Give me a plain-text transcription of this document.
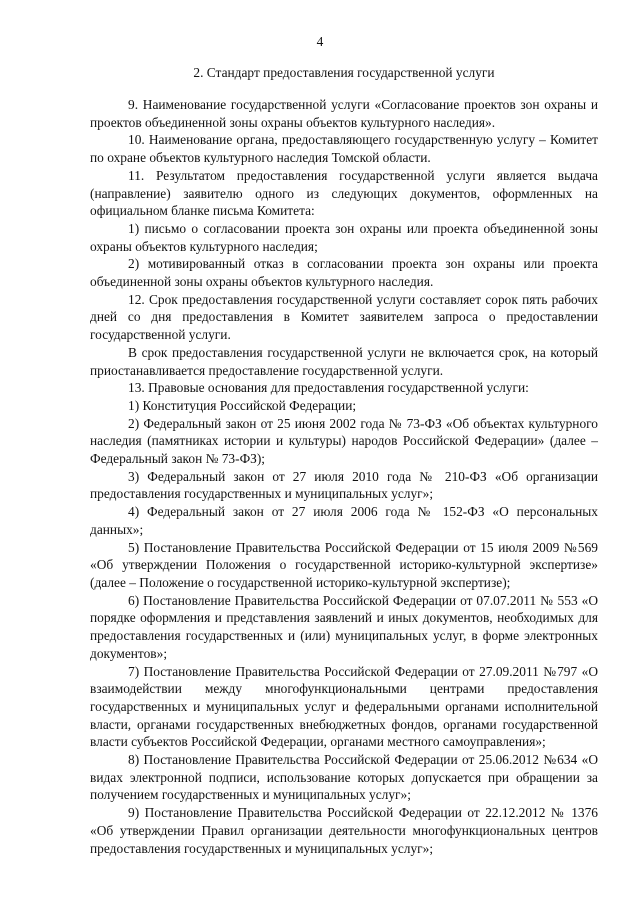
4
2. Стандарт предоставления государственной услуги

9. Наименование государственной услуги «Согласование проектов зон охраны и проектов объединенной зоны охраны объектов культурного наследия».

10. Наименование органа, предоставляющего государственную услугу – Комитет по охране объектов культурного наследия Томской области.

11. Результатом предоставления государственной услуги является выдача (направление) заявителю одного из следующих документов, оформленных на официальном бланке письма Комитета:

1) письмо о согласовании проекта зон охраны или проекта объединенной зоны охраны объектов культурного наследия;

2) мотивированный отказ в согласовании проекта зон охраны или проекта объединенной зоны охраны объектов культурного наследия.

12. Срок предоставления государственной услуги составляет сорок пять рабочих дней со дня предоставления в Комитет заявителем запроса о предоставлении государственной услуги.

В срок предоставления государственной услуги не включается срок, на который приостанавливается предоставление государственной услуги.

13. Правовые основания для предоставления государственной услуги:

1) Конституция Российской Федерации;

2) Федеральный закон от 25 июня 2002 года № 73-ФЗ «Об объектах культурного наследия (памятниках истории и культуры) народов Российской Федерации» (далее – Федеральный закон № 73-ФЗ);

3) Федеральный закон от 27 июля 2010 года № 210-ФЗ «Об организации предоставления государственных и муниципальных услуг»;

4) Федеральный закон от 27 июля 2006 года № 152-ФЗ «О персональных данных»;

5) Постановление Правительства Российской Федерации от 15 июля 2009 №569 «Об утверждении Положения о государственной историко-культурной экспертизе» (далее – Положение о государственной историко-культурной экспертизе);

6) Постановление Правительства Российской Федерации от 07.07.2011 № 553 «О порядке оформления и представления заявлений и иных документов, необходимых для предоставления государственных и (или) муниципальных услуг, в форме электронных документов»;

7) Постановление Правительства Российской Федерации от 27.09.2011 №797 «О взаимодействии между многофункциональными центрами предоставления государственных и муниципальных услуг и федеральными органами исполнительной власти, органами государственных внебюджетных фондов, органами государственной власти субъектов Российской Федерации, органами местного самоуправления»;

8) Постановление Правительства Российской Федерации от 25.06.2012 №634 «О видах электронной подписи, использование которых допускается при обращении за получением государственных и муниципальных услуг»;

9) Постановление Правительства Российской Федерации от 22.12.2012 № 1376 «Об утверждении Правил организации деятельности многофункциональных центров предоставления государственных и муниципальных услуг»;
